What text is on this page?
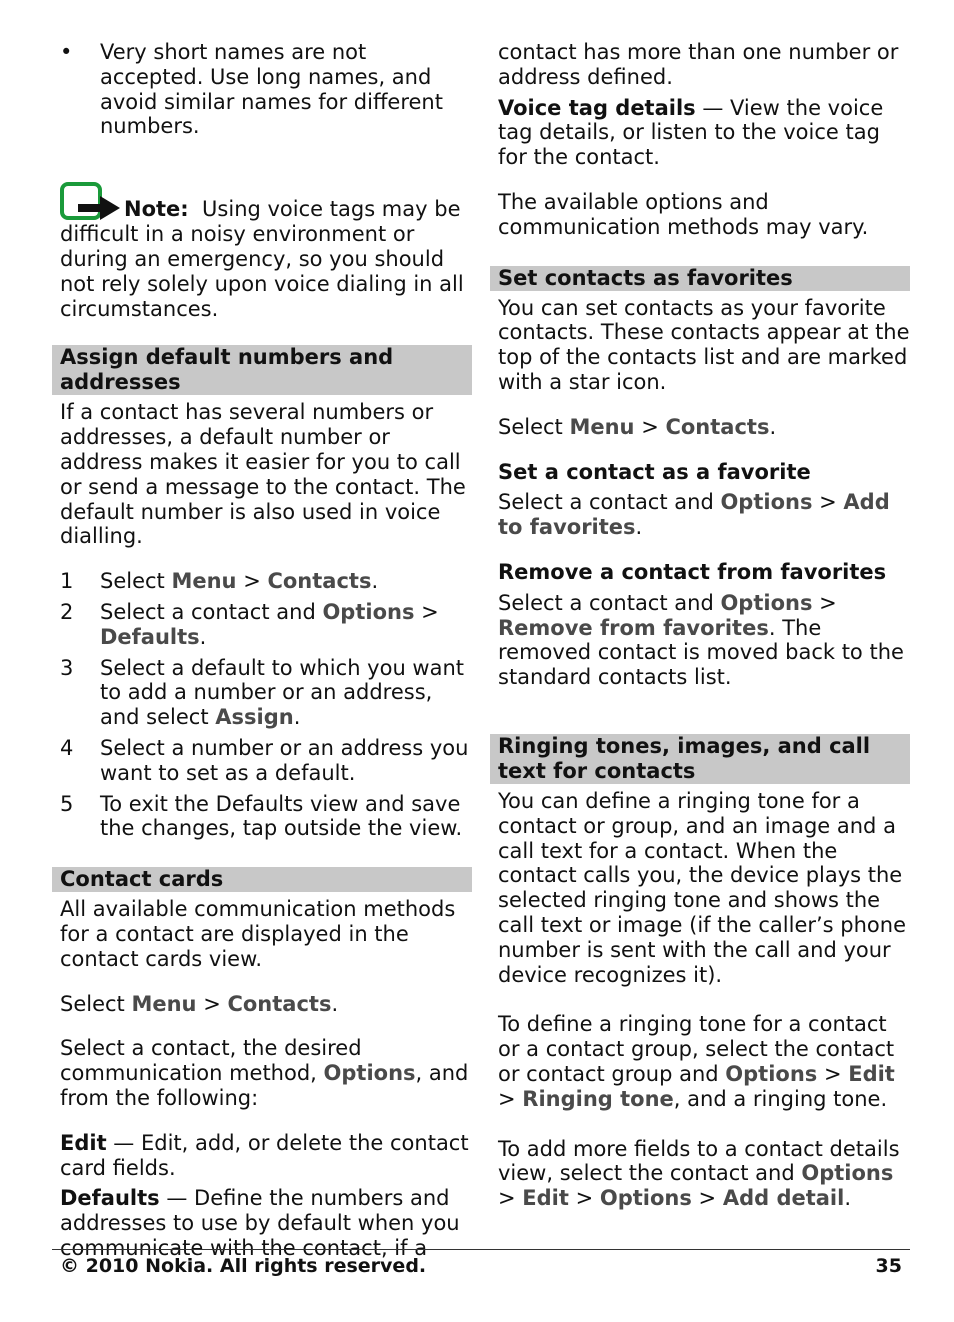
•	Very short names are not accepted. Use long names, and avoid similar names for different numbers.

Note: Using voice tags may be difficult in a noisy environment or during an emergency, so you should not rely solely upon voice dialing in all circumstances.

Assign default numbers and addresses

If a contact has several numbers or addresses, a default number or address makes it easier for you to call or send a message to the contact. The default number is also used in voice dialling.

1	Select Menu > Contacts.

2	Select a contact and Options > Defaults.

3	Select a default to which you want to add a number or an address, and select Assign.

4	Select a number or an address you want to set as a default.

5	To exit the Defaults view and save the changes, tap outside the view.

Contact cards

All available communication methods for a contact are displayed in the contact cards view.

Select Menu > Contacts.

Select a contact, the desired communication method, Options, and from the following:

Edit — Edit, add, or delete the contact card fields.

Defaults — Define the numbers and addresses to use by default when you communicate with the contact, if a

contact has more than one number or address defined.

Voice tag details — View the voice tag details, or listen to the voice tag for the contact.

The available options and communication methods may vary.

Set contacts as favorites

You can set contacts as your favorite contacts. These contacts appear at the top of the contacts list and are marked with a star icon.

Select Menu > Contacts.

Set a contact as a favorite

Select a contact and Options > Add to favorites.

Remove a contact from favorites

Select a contact and Options > Remove from favorites. The removed contact is moved back to the standard contacts list.

Ringing tones, images, and call text for contacts

You can define a ringing tone for a contact or group, and an image and a call text for a contact. When the contact calls you, the device plays the selected ringing tone and shows the call text or image (if the caller’s phone number is sent with the call and your device recognizes it).

To define a ringing tone for a contact or a contact group, select the contact or contact group and Options > Edit > Ringing tone, and a ringing tone.

To add more fields to a contact details view, select the contact and Options > Edit > Options > Add detail.

© 2010 Nokia. All rights reserved.	35
